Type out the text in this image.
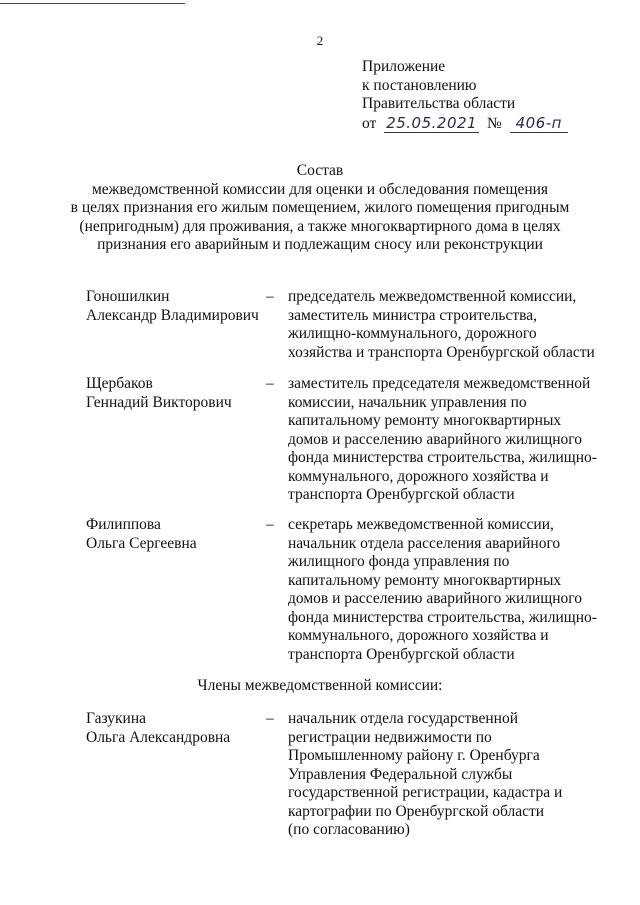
2
Приложение
к постановлению
Правительства области
от 25.05.2021 № 406-п
Состав
межведомственной комиссии для оценки и обследования помещения
в целях признания его жилым помещением, жилого помещения пригодным
(непригодным) для проживания, а также многоквартирного дома в целях
признания его аварийным и подлежащим сносу или реконструкции
Гоношилкин
Александр Владимирович
– председатель межведомственной комиссии,
заместитель министра строительства,
жилищно-коммунального, дорожного
хозяйства и транспорта Оренбургской области
Щербаков
Геннадий Викторович
– заместитель председателя межведомственной
комиссии, начальник управления по
капитальному ремонту многоквартирных
домов и расселению аварийного жилищного
фонда министерства строительства, жилищно-
коммунального, дорожного хозяйства и
транспорта Оренбургской области
Филиппова
Ольга Сергеевна
– секретарь межведомственной комиссии,
начальник отдела расселения аварийного
жилищного фонда управления по
капитальному ремонту многоквартирных
домов и расселению аварийного жилищного
фонда министерства строительства, жилищно-
коммунального, дорожного хозяйства и
транспорта Оренбургской области
Члены межведомственной комиссии:
Газукина
Ольга Александровна
– начальник отдела государственной
регистрации недвижимости по
Промышленному району г. Оренбурга
Управления Федеральной службы
государственной регистрации, кадастра и
картографии по Оренбургской области
(по согласованию)
